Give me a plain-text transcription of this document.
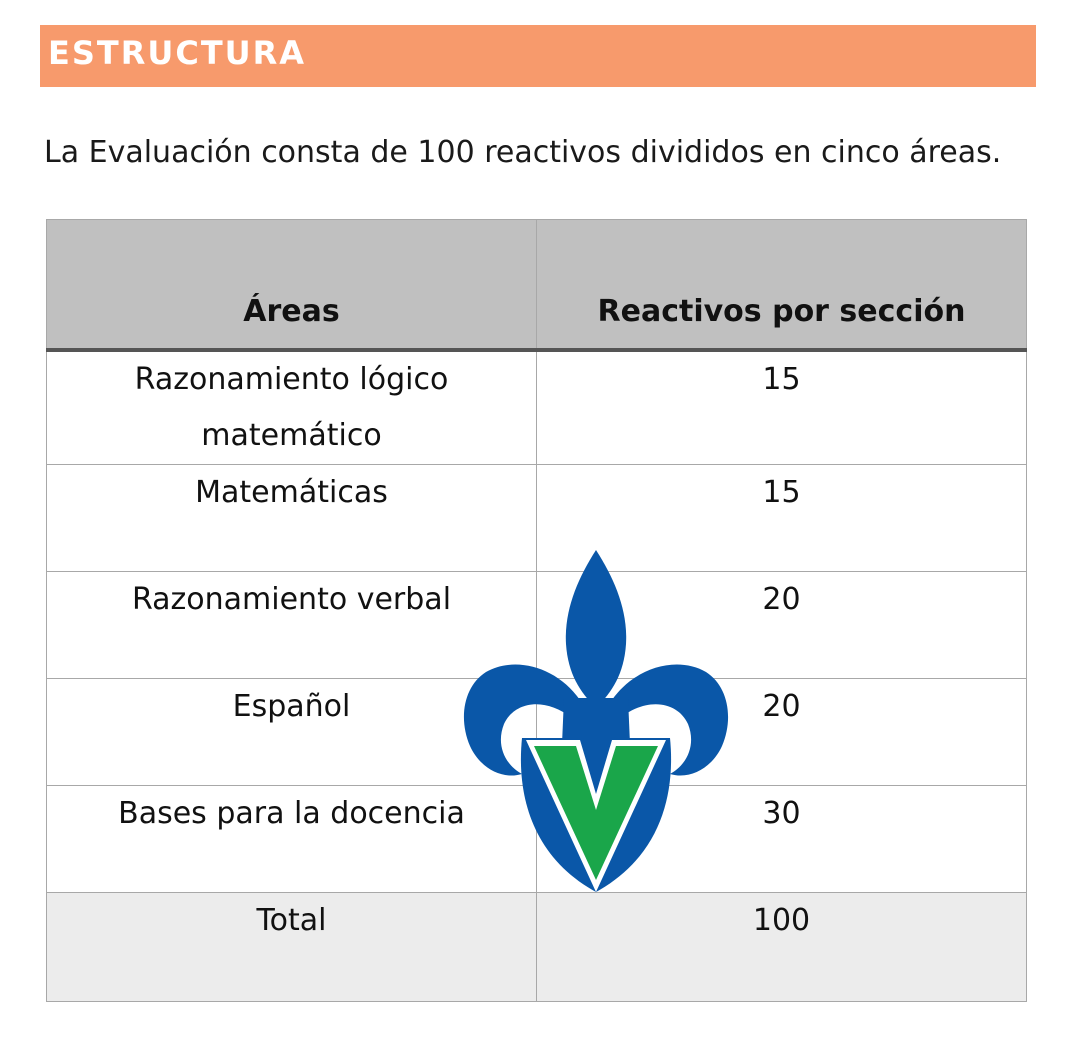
ESTRUCTURA
La Evaluación consta de 100 reactivos divididos en cinco áreas.
Áreas	Reactivos por sección

Razonamiento lógico matemático	15
Matemáticas	15
Razonamiento verbal	20
Español	20
Bases para la docencia	30
Total	100
